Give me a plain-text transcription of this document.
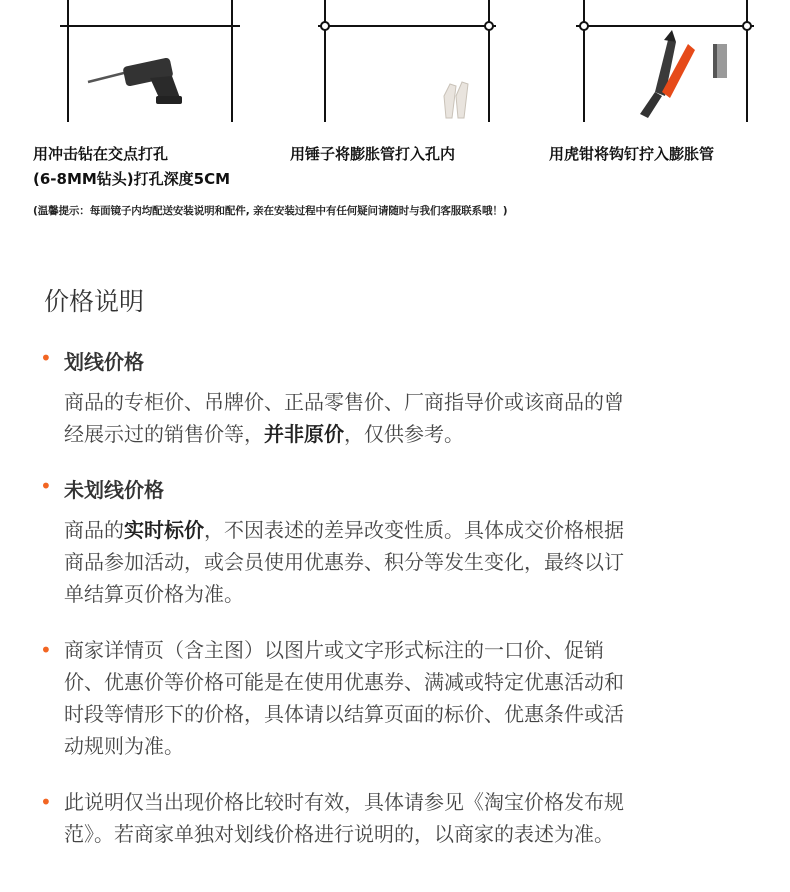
用冲击钻在交点打孔
(6-8MM钻头)打孔深度5CM
用锤子将膨胀管打入孔内	用虎钳将钩钉拧入膨胀管
(温馨提示：每面镜子内均配送安装说明和配件, 亲在安装过程中有任何疑问请随时与我们客服联系哦！)
价格说明
• 划线价格
商品的专柜价、吊牌价、正品零售价、厂商指导价或该商品的曾
经展示过的销售价等，并非原价，仅供参考。
• 未划线价格
商品的实时标价，不因表述的差异改变性质。具体成交价格根据
商品参加活动，或会员使用优惠券、积分等发生变化，最终以订
单结算页价格为准。
• 商家详情页（含主图）以图片或文字形式标注的一口价、促销
价、优惠价等价格可能是在使用优惠券、满减或特定优惠活动和
时段等情形下的价格，具体请以结算页面的标价、优惠条件或活
动规则为准。
• 此说明仅当出现价格比较时有效，具体请参见《淘宝价格发布规
范》。若商家单独对划线价格进行说明的，以商家的表述为准。
